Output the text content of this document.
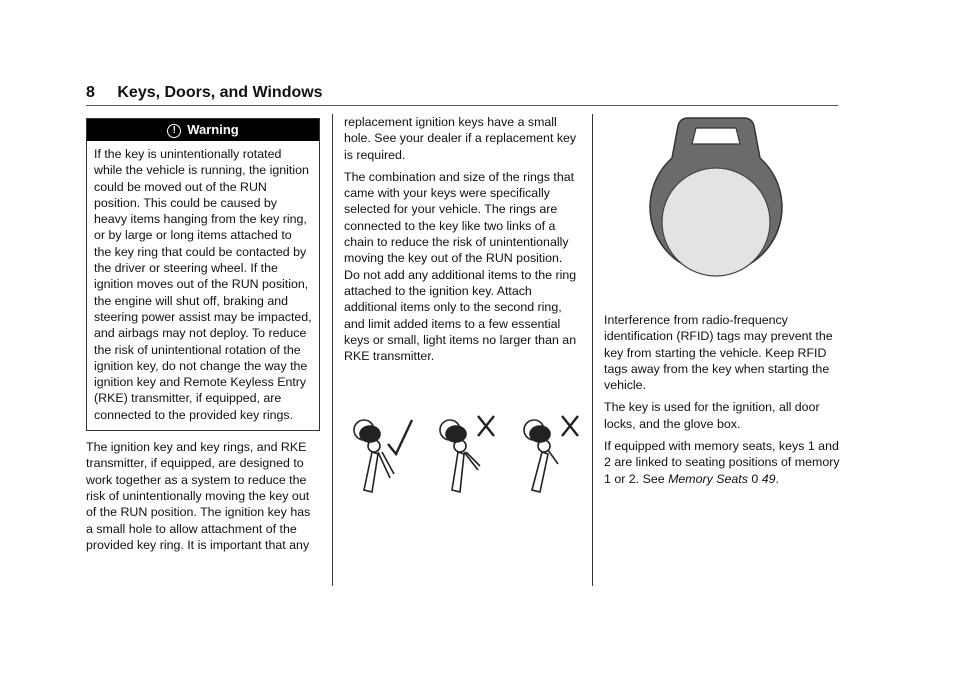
8 Keys, Doors, and Windows
! Warning
If the key is unintentionally rotated while the vehicle is running, the ignition could be moved out of the RUN position. This could be caused by heavy items hanging from the key ring, or by large or long items attached to the key ring that could be contacted by the driver or steering wheel. If the ignition moves out of the RUN position, the engine will shut off, braking and steering power assist may be impacted, and airbags may not deploy. To reduce the risk of unintentional rotation of the ignition key, do not change the way the ignition key and Remote Keyless Entry (RKE) transmitter, if equipped, are connected to the provided key rings.

The ignition key and key rings, and RKE transmitter, if equipped, are designed to work together as a system to reduce the risk of unintentionally moving the key out of the RUN position. The ignition key has a small hole to allow attachment of the provided key ring. It is important that any

replacement ignition keys have a small hole. See your dealer if a replacement key is required.

The combination and size of the rings that came with your keys were specifically selected for your vehicle. The rings are connected to the key like two links of a chain to reduce the risk of unintentionally moving the key out of the RUN position. Do not add any additional items to the ring attached to the ignition key. Attach additional items only to the second ring, and limit added items to a few essential keys or small, light items no larger than an RKE transmitter.

Interference from radio-frequency identification (RFID) tags may prevent the key from starting the vehicle. Keep RFID tags away from the key when starting the vehicle.

The key is used for the ignition, all door locks, and the glove box.

If equipped with memory seats, keys 1 and 2 are linked to seating positions of memory 1 or 2. See Memory Seats 0 49.
